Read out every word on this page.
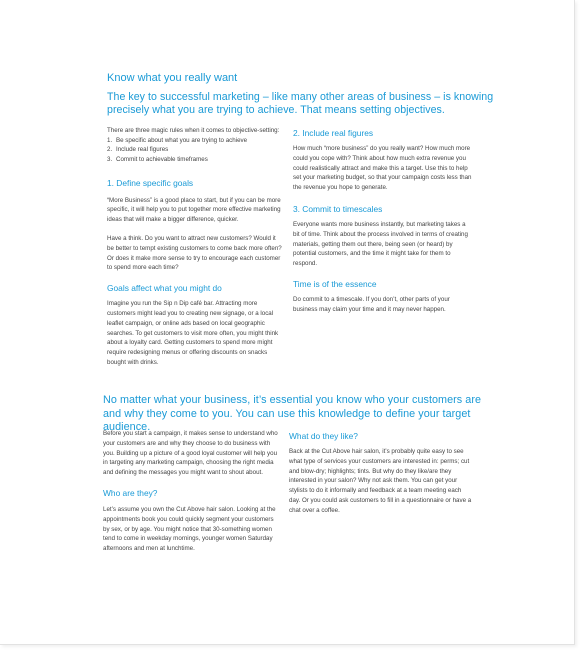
Know what you really want

The key to successful marketing – like many other areas of business – is knowing precisely what you are trying to achieve. That means setting objectives.

There are three magic rules when it comes to objective-setting:

1. Be specific about what you are trying to achieve
2. Include real figures
3. Commit to achievable timeframes
1. Define specific goals

“More Business” is a good place to start, but if you can be more specific, it will help you to put together more effective marketing ideas that will make a bigger difference, quicker.

Have a think. Do you want to attract new customers? Would it be better to tempt existing customers to come back more often? Or does it make more sense to try to encourage each customer to spend more each time?

Goals affect what you might do

Imagine you run the Sip n Dip café bar. Attracting more customers might lead you to creating new signage, or a local leaflet campaign, or online ads based on local geographic searches. To get customers to visit more often, you might think about a loyalty card. Getting customers to spend more might require redesigning menus or offering discounts on snacks bought with drinks.

2. Include real figures

How much “more business” do you really want? How much more could you cope with? Think about how much extra revenue you could realistically attract and make this a target. Use this to help set your marketing budget, so that your campaign costs less than the revenue you hope to generate.

3. Commit to timescales

Everyone wants more business instantly, but marketing takes a bit of time. Think about the process involved in terms of creating materials, getting them out there, being seen (or heard) by potential customers, and the time it might take for them to respond.

Time is of the essence

Do commit to a timescale. If you don’t, other parts of your business may claim your time and it may never happen.

No matter what your business, it’s essential you know who your customers are and why they come to you. You can use this knowledge to define your target audience.

Before you start a campaign, it makes sense to understand who your customers are and why they choose to do business with you. Building up a picture of a good loyal customer will help you in targeting any marketing campaign, choosing the right media and defining the messages you might want to shout about.

Who are they?

Let’s assume you own the Cut Above hair salon. Looking at the appointments book you could quickly segment your customers by sex, or by age. You might notice that 30-something women tend to come in weekday mornings, younger women Saturday afternoons and men at lunchtime.

What do they like?

Back at the Cut Above hair salon, it’s probably quite easy to see what type of services your customers are interested in: perms; cut and blow-dry; highlights; tints. But why do they like/are they interested in your salon? Why not ask them. You can get your stylists to do it informally and feedback at a team meeting each day. Or you could ask customers to fill in a questionnaire or have a chat over a coffee.
